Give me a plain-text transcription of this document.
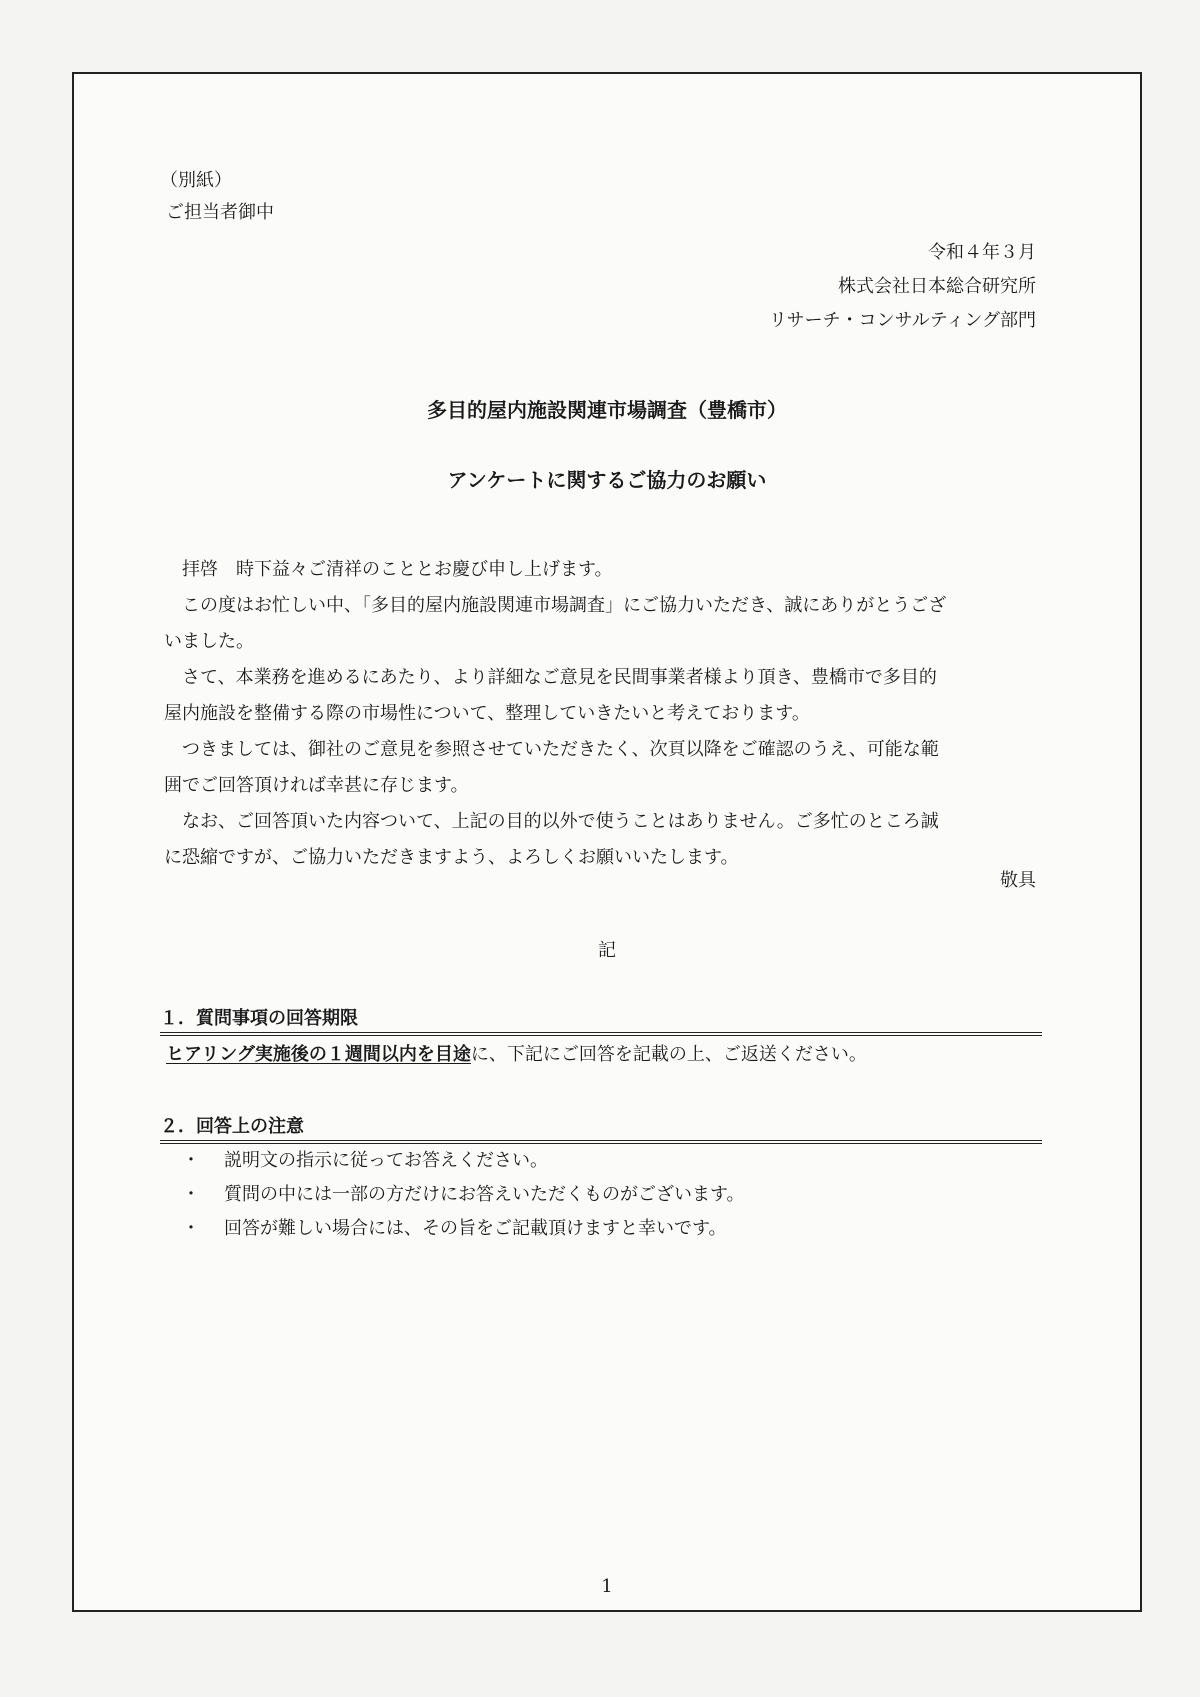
（別紙）
ご担当者御中
令和４年３月
株式会社日本総合研究所
リサーチ・コンサルティング部門
多目的屋内施設関連市場調査（豊橋市）
アンケートに関するご協力のお願い

拝啓　時下益々ご清祥のこととお慶び申し上げます。

この度はお忙しい中、「多目的屋内施設関連市場調査」にご協力いただき、誠にありがとうござ

いました。

さて、本業務を進めるにあたり、より詳細なご意見を民間事業者様より頂き、豊橋市で多目的

屋内施設を整備する際の市場性について、整理していきたいと考えております。

つきましては、御社のご意見を参照させていただきたく、次頁以降をご確認のうえ、可能な範

囲でご回答頂ければ幸甚に存じます。

なお、ご回答頂いた内容ついて、上記の目的以外で使うことはありません。ご多忙のところ誠

に恐縮ですが、ご協力いただきますよう、よろしくお願いいたします。

敬具
記
１．質問事項の回答期限
ヒアリング実施後の１週間以内を目途に、下記にご回答を記載の上、ご返送ください。
２．回答上の注意
・ 説明文の指示に従ってお答えください。
・ 質問の中には一部の方だけにお答えいただくものがございます。
・ 回答が難しい場合には、その旨をご記載頂けますと幸いです。
1
